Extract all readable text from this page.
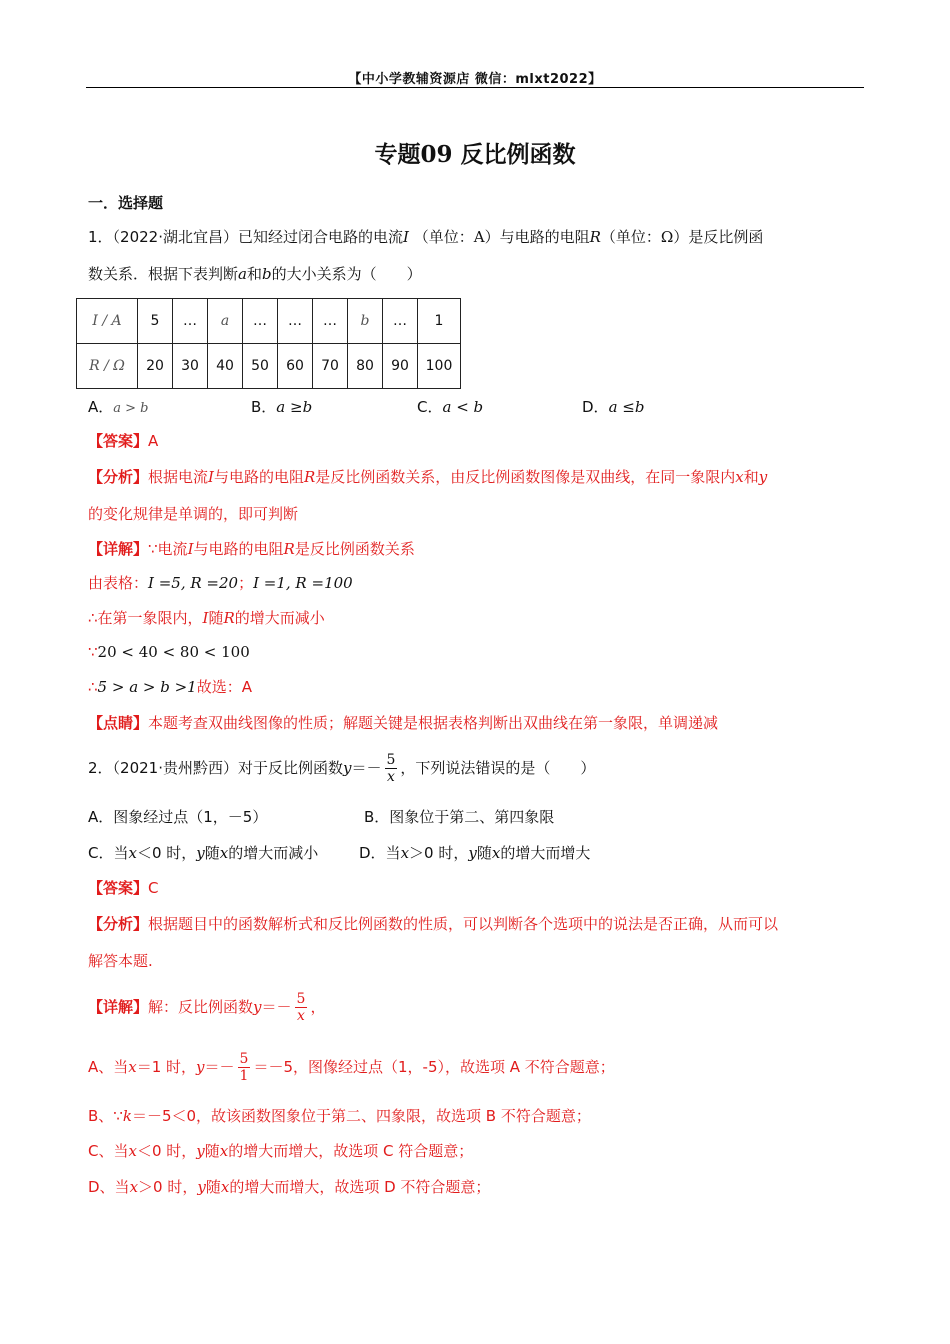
【中小学教辅资源店 微信：mlxt2022】
专题09 反比例函数
一．选择题
1．（2022·湖北宜昌）已知经过闭合电路的电流I （单位：A）与电路的电阻R（单位：Ω）是反比例函
数关系．根据下表判断a和b的大小关系为（　　）
I / A	5	…	a	…	…	…	b	…	1
R / Ω	20	30	40	50	60	70	80	90	100
A．a > b	B．a ≥b	C．a < b	D．a ≤b
【答案】A
【分析】根据电流I与电路的电阻R是反比例函数关系，由反比例函数图像是双曲线，在同一象限内x和y
的变化规律是单调的，即可判断
【详解】∵电流I与电路的电阻R是反比例函数关系
由表格：I =5, R =20；I =1, R =100
∴在第一象限内，I随R的增大而减小
∵20 < 40 < 80 < 100
∴5 > a > b >1故选：A
【点睛】本题考查双曲线图像的性质；解题关键是根据表格判断出双曲线在第一象限，单调递减
2．（2021·贵州黔西）对于反比例函数$y=- \frac{5}{x}$ ，下列说法错误的是（　　）
A．图象经过点（1，－5）	B．图象位于第二、第四象限
C．当x＜0 时，y随x的增大而减小	D．当x＞0 时，y随x的增大而增大
【答案】C
【分析】根据题目中的函数解析式和反比例函数的性质，可以判断各个选项中的说法是否正确，从而可以
解答本题.
【详解】解：反比例函数$y=- \frac{5}{x}$ ，
A、当x＝1 时，$y=- \frac{5}{1} =-5$，图像经过点（1，-5），故选项 A 不符合题意；
B、∵k＝－5＜0，故该函数图象位于第二、四象限，故选项 B 不符合题意；
C、当x＜0 时，y随x的增大而增大，故选项 C 符合题意；
D、当x＞0 时，y随x的增大而增大，故选项 D 不符合题意；
